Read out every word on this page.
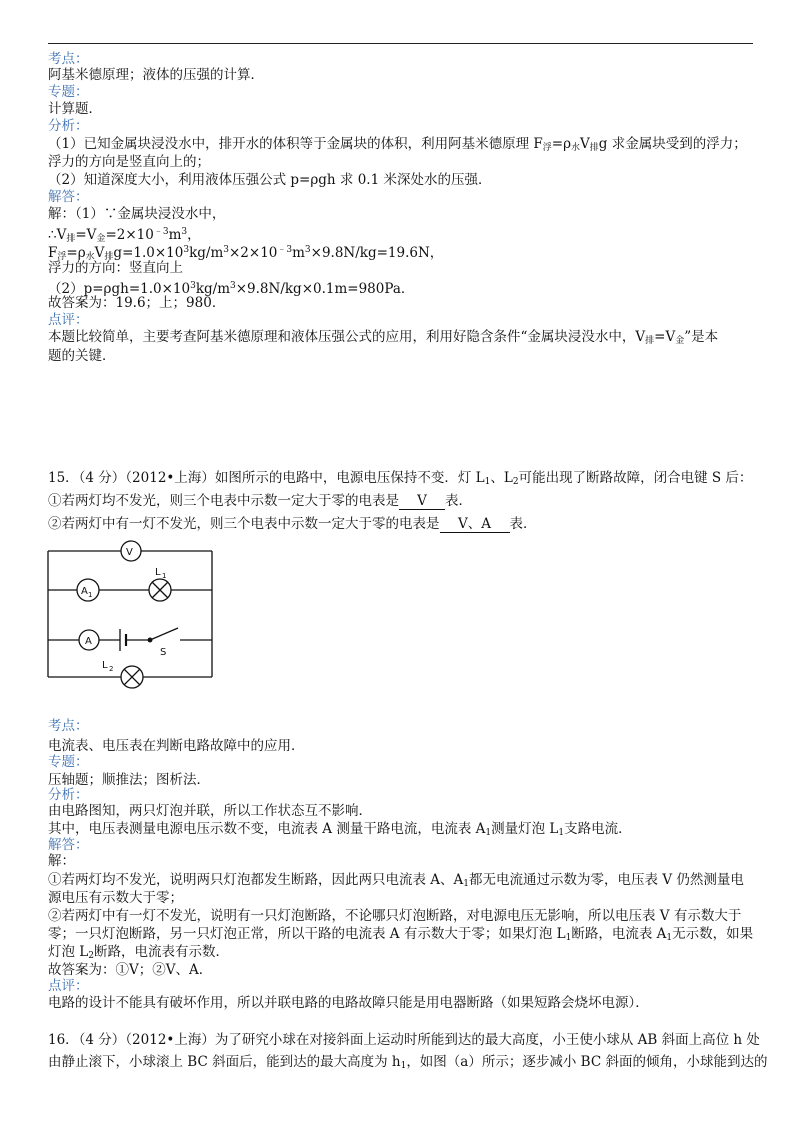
考点：
阿基米德原理；液体的压强的计算．
专题：
计算题．
分析：
（1）已知金属块浸没水中，排开水的体积等于金属块的体积，利用阿基米德原理 $F_浮=\rho_水V_排g$ 求金属块受到的浮力；
浮力的方向是竖直向上的；
（2）知道深度大小，利用液体压强公式 p=ρgh 求 0.1 米深处水的压强．
解答：
解：（1）∵金属块浸没水中，
$\therefore V_排=V_金=2\times 10^{﹣3}m^3$，
$F_浮=\rho_水V_排g=1.0\times 10^3kg/m^3\times 2\times 10^{﹣3}m^3\times 9.8N/kg=19.6N$，
浮力的方向：竖直向上
$(2)p=\rho gh=1.0\times 10^3kg/m^3\times 9.8N/kg\times 0.1m=980Pa$．
故答案为：19.6；上；980．
点评：
本题比较简单，主要考查阿基米德原理和液体压强公式的应用，利用好隐含条件“金属块浸没水中，$V_排=V_金$”是本
题的关键．
15．（4 分）（2012•上海）如图所示的电路中，电源电压保持不变．灯 $L_1$、$L_2$可能出现了断路故障，闭合电键 S 后：
①若两灯均不发光，则三个电表中示数一定大于零的电表是 V 表．
②若两灯中有一灯不发光，则三个电表中示数一定大于零的电表是 V、A 表．
V
A 1
L 1
A
S
L 2
考点：
电流表、电压表在判断电路故障中的应用．
专题：
压轴题；顺推法；图析法．
分析：
由电路图知，两只灯泡并联，所以工作状态互不影响．
其中，电压表测量电源电压示数不变，电流表 A 测量干路电流，电流表 $A_1$测量灯泡 $L_1$支路电流．
解答：
解：
①若两灯均不发光，说明两只灯泡都发生断路，因此两只电流表 A、$A_1$都无电流通过示数为零，电压表 V 仍然测量电
源电压有示数大于零；
②若两灯中有一灯不发光，说明有一只灯泡断路，不论哪只灯泡断路，对电源电压无影响，所以电压表 V 有示数大于
零；一只灯泡断路，另一只灯泡正常，所以干路的电流表 A 有示数大于零；如果灯泡 $L_1$断路，电流表 $A_1$无示数，如果
灯泡 $L_2$断路，电流表有示数．
故答案为：①V；②V、A．
点评：
电路的设计不能具有破坏作用，所以并联电路的电路故障只能是用电器断路（如果短路会烧坏电源）．
16．（4 分）（2012•上海）为了研究小球在对接斜面上运动时所能到达的最大高度，小王使小球从 AB 斜面上高位 h 处
由静止滚下，小球滚上 BC 斜面后，能到达的最大高度为 $h_1$，如图（a）所示；逐步减小 BC 斜面的倾角，小球能到达的
